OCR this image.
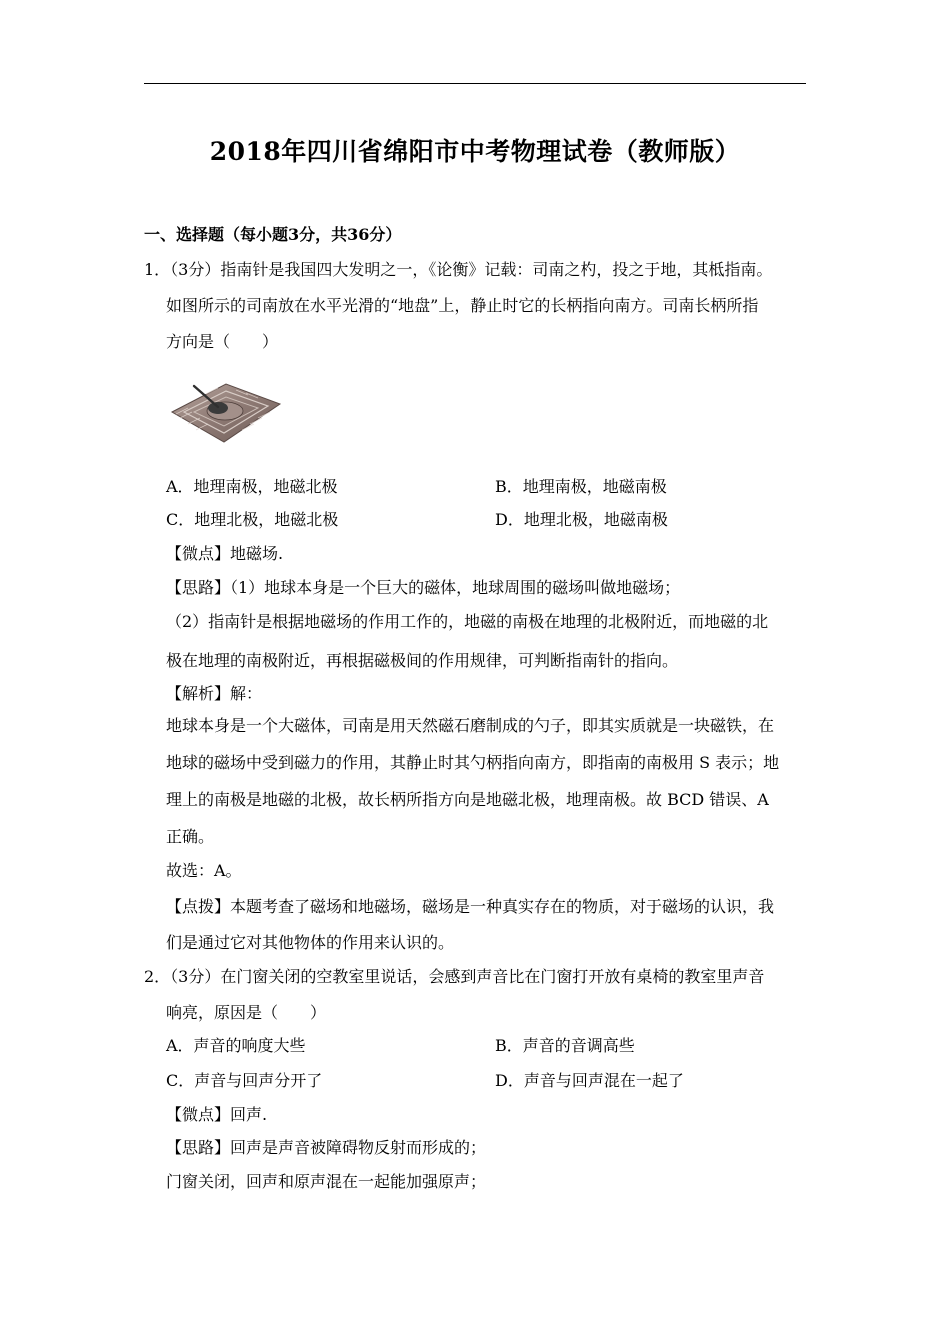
2018年四川省绵阳市中考物理试卷（教师版）
一、选择题（每小题3分，共36分）
1．（3分）指南针是我国四大发明之一，《论衡》记载：司南之杓，投之于地，其柢指南。
如图所示的司南放在水平光滑的“地盘”上，静止时它的长柄指向南方。司南长柄所指
方向是（　　）
A．地理南极，地磁北极	B．地理南极，地磁南极
C．地理北极，地磁北极	D．地理北极，地磁南极
【微点】地磁场.
【思路】（1）地球本身是一个巨大的磁体，地球周围的磁场叫做地磁场；
（2）指南针是根据地磁场的作用工作的，地磁的南极在地理的北极附近，而地磁的北
极在地理的南极附近，再根据磁极间的作用规律，可判断指南针的指向。
【解析】解：
地球本身是一个大磁体，司南是用天然磁石磨制成的勺子，即其实质就是一块磁铁，在
地球的磁场中受到磁力的作用，其静止时其勺柄指向南方，即指南的南极用 S 表示；地
理上的南极是地磁的北极，故长柄所指方向是地磁北极，地理南极。故 BCD 错误、A
正确。
故选：A。
【点拨】本题考查了磁场和地磁场，磁场是一种真实存在的物质，对于磁场的认识，我
们是通过它对其他物体的作用来认识的。
2．（3分）在门窗关闭的空教室里说话，会感到声音比在门窗打开放有桌椅的教室里声音
响亮，原因是（　　）
A．声音的响度大些	B．声音的音调高些
C．声音与回声分开了	D．声音与回声混在一起了
【微点】回声.
【思路】回声是声音被障碍物反射而形成的；
门窗关闭，回声和原声混在一起能加强原声；
